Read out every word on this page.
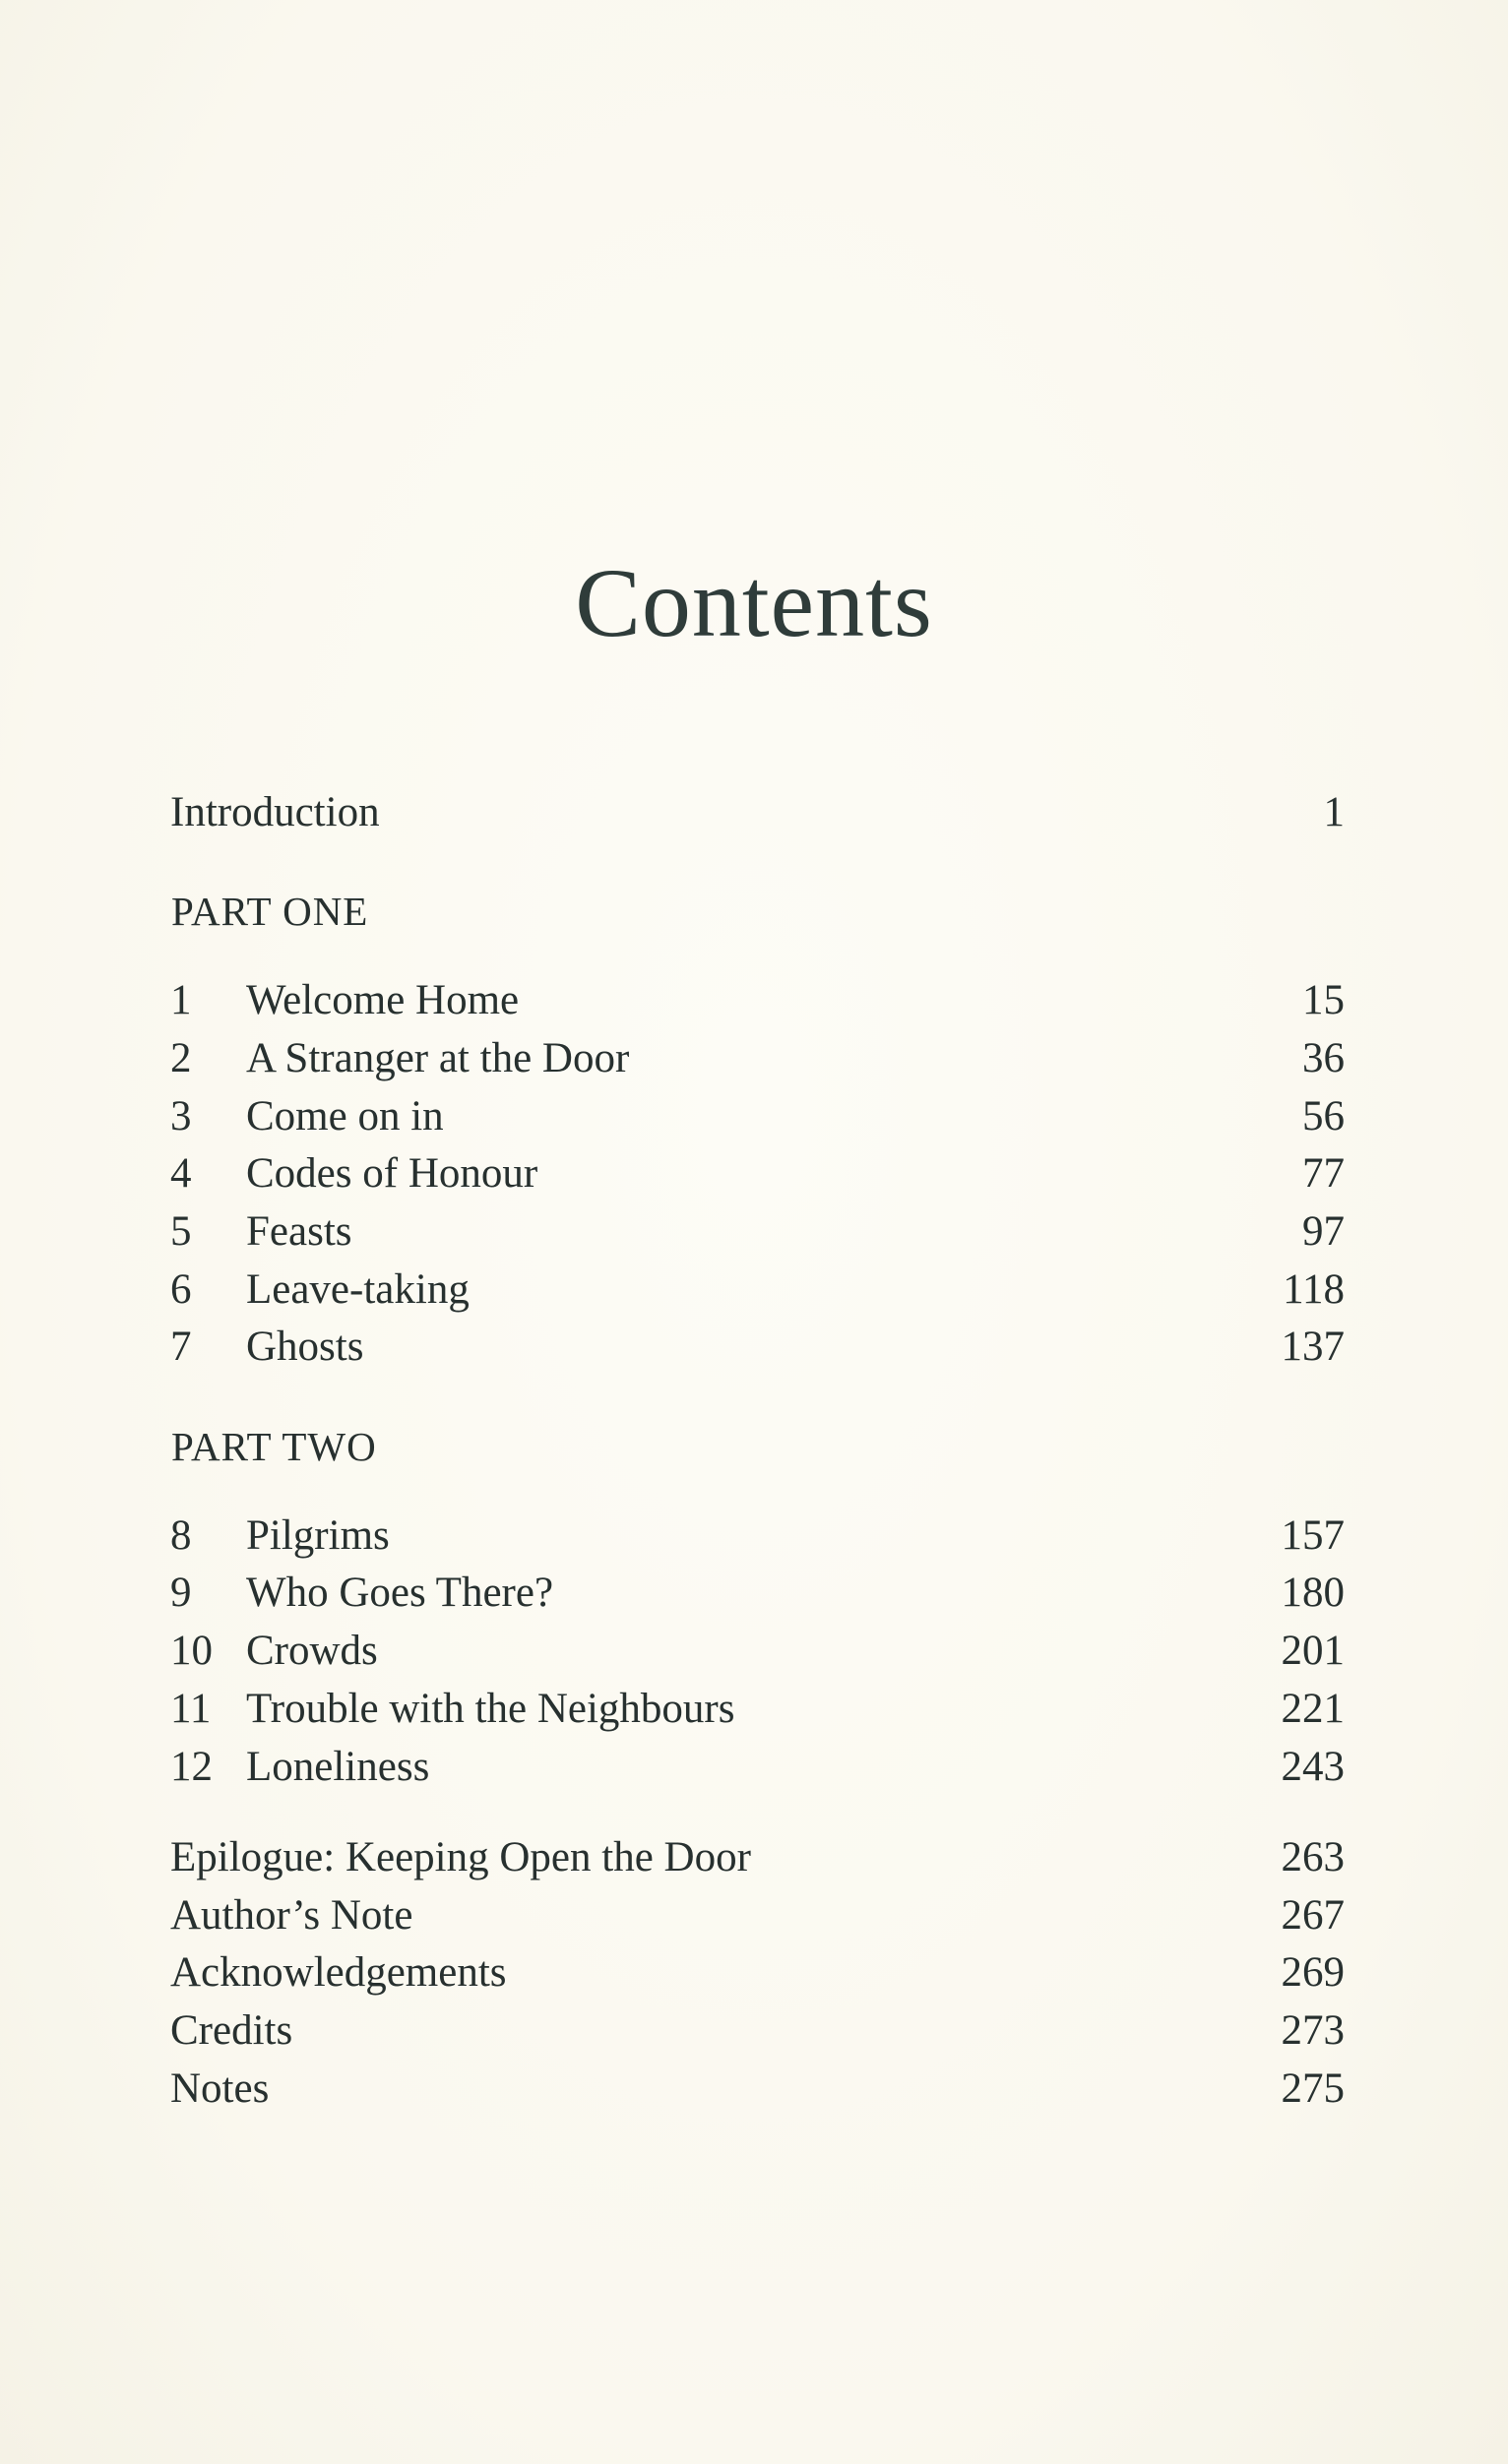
Contents
Introduction	1
PART ONE
1 Welcome Home	15
2 A Stranger at the Door	36
3 Come on in	56
4 Codes of Honour	77
5 Feasts	97
6 Leave-taking	118
7 Ghosts	137
PART TWO
8 Pilgrims	157
9 Who Goes There?	180
10 Crowds	201
11 Trouble with the Neighbours	221
12 Loneliness	243
Epilogue: Keeping Open the Door	263
Author’s Note	267
Acknowledgements	269
Credits	273
Notes	275
